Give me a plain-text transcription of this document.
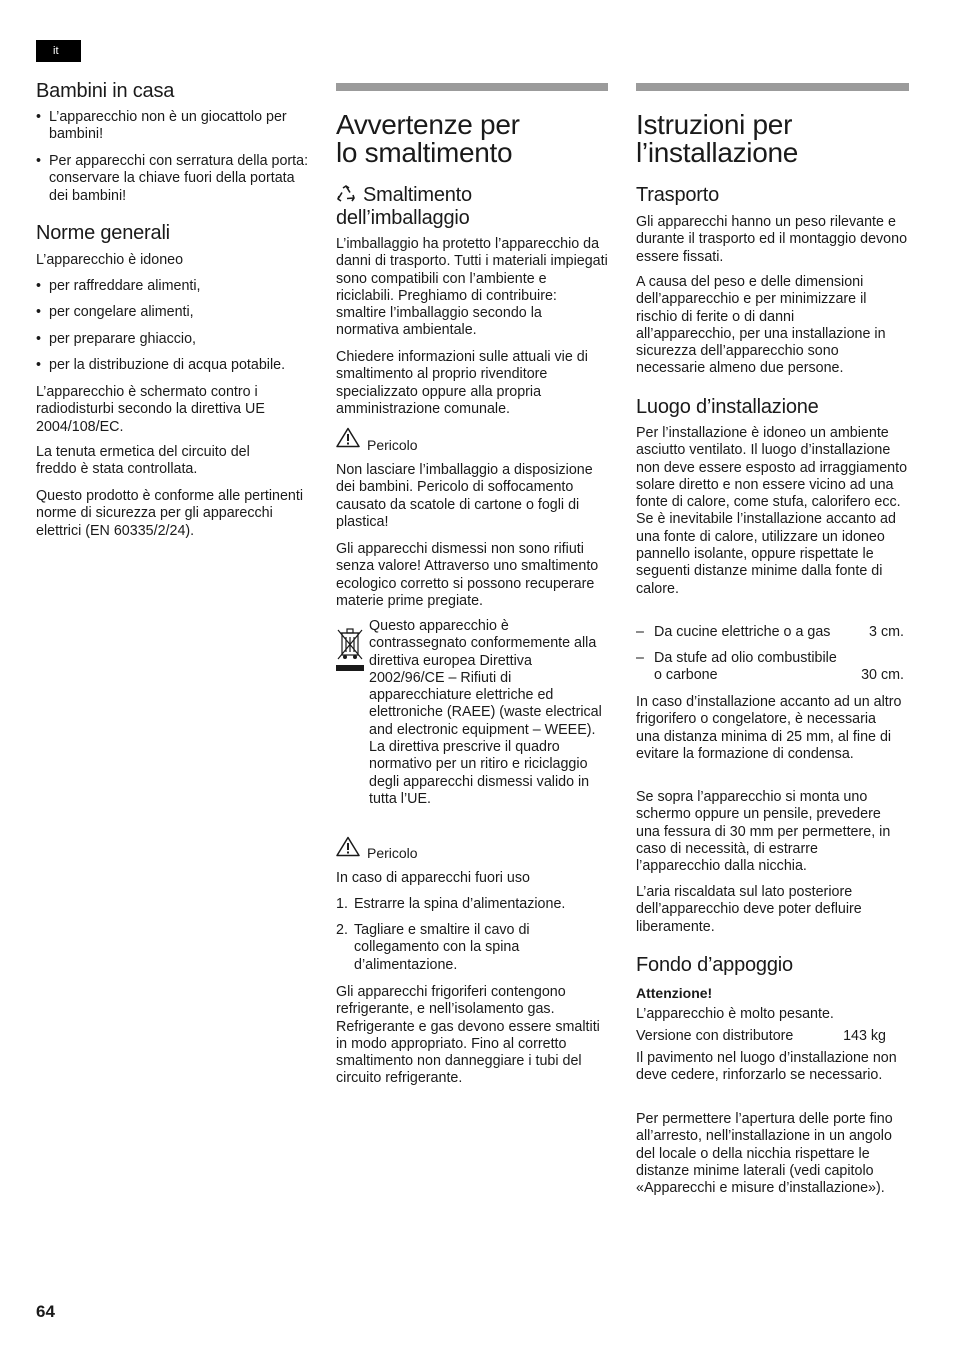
it
Bambini in casa
• L’apparecchio non è un giocattolo per bambini!
• Per apparecchi con serratura della porta: conservare la chiave fuori della portata dei bambini!
Norme generali

L’apparecchio è idoneo

• per raffreddare alimenti,
• per congelare alimenti,
• per preparare ghiaccio,
• per la distribuzione di acqua potabile.

L’apparecchio è schermato contro i radiodisturbi secondo la direttiva UE 2004/108/EC.

La tenuta ermetica del circuito del freddo è stata controllata.

Questo prodotto è conforme alle pertinenti norme di sicurezza per gli apparecchi elettrici (EN 60335/2/24).

Avvertenze per
lo smaltimento
Smaltimento
dell’imballaggio

L’imballaggio ha protetto l’apparecchio da danni di trasporto. Tutti i materiali impiegati sono compatibili con l’ambiente e riciclabili. Preghiamo di contribuire: smaltire l’imballaggio secondo la normativa ambientale.

Chiedere informazioni sulle attuali vie di smaltimento al proprio rivenditore specializzato oppure alla propria amministrazione comunale.

Pericolo

Non lasciare l’imballaggio a disposizione dei bambini. Pericolo di soffocamento causato da scatole di cartone o fogli di plastica!

Gli apparecchi dismessi non sono rifiuti senza valore! Attraverso uno smaltimento ecologico corretto si possono recuperare materie prime pregiate.

Questo apparecchio è contrassegnato conformemente alla direttiva europea Direttiva 2002/96/CE – Rifiuti di apparecchiature elettriche ed elettroniche (RAEE) (waste electrical and electronic equipment – WEEE). La direttiva prescrive il quadro normativo per un ritiro e riciclaggio degli apparecchi dismessi valido in tutta l’UE.

Pericolo

In caso di apparecchi fuori uso

1. Estrarre la spina d’alimentazione.
2. Tagliare e smaltire il cavo di collegamento con la spina d’alimentazione.

Gli apparecchi frigoriferi contengono refrigerante, e nell’isolamento gas. Refrigerante e gas devono essere smaltiti in modo appropriato. Fino al corretto smaltimento non danneggiare i tubi del circuito refrigerante.

Istruzioni per
l’installazione
Trasporto

Gli apparecchi hanno un peso rilevante e durante il trasporto ed il montaggio devono essere fissati.

A causa del peso e delle dimensioni dell’apparecchio e per minimizzare il rischio di ferite o di danni all’apparecchio, per una installazione in sicurezza dell’apparecchio sono necessarie almeno due persone.

Luogo d’installazione

Per l’installazione è idoneo un ambiente asciutto ventilato. Il luogo d’installazione non deve essere esposto ad irraggiamento solare diretto e non essere vicino ad una fonte di calore, come stufa, calorifero ecc. Se è inevitabile l’installazione accanto ad una fonte di calore, utilizzare un idoneo pannello isolante, oppure rispettate le seguenti distanze minime dalla fonte di calore.

– Da cucine elettriche o a gas	3 cm.
– Da stufe ad olio combustibile
o carbone	30 cm.

In caso d’installazione accanto ad un altro frigorifero o congelatore, è necessaria una distanza minima di 25 mm, al fine di evitare la formazione di condensa.

Se sopra l’apparecchio si monta uno schermo oppure un pensile, prevedere una fessura di 30 mm per permettere, in caso di necessità, di estrarre l’apparecchio dalla nicchia.

L’aria riscaldata sul lato posteriore dell’apparecchio deve poter defluire liberamente.

Fondo d’appoggio

Attenzione!

L’apparecchio è molto pesante.

Versione con distributore	143 kg

Il pavimento nel luogo d’installazione non deve cedere, rinforzarlo se necessario.

Per permettere l’apertura delle porte fino all’arresto, nell’installazione in un angolo del locale o della nicchia rispettare le distanze minime laterali (vedi capitolo «Apparecchi e misure d’installazione»).

64
